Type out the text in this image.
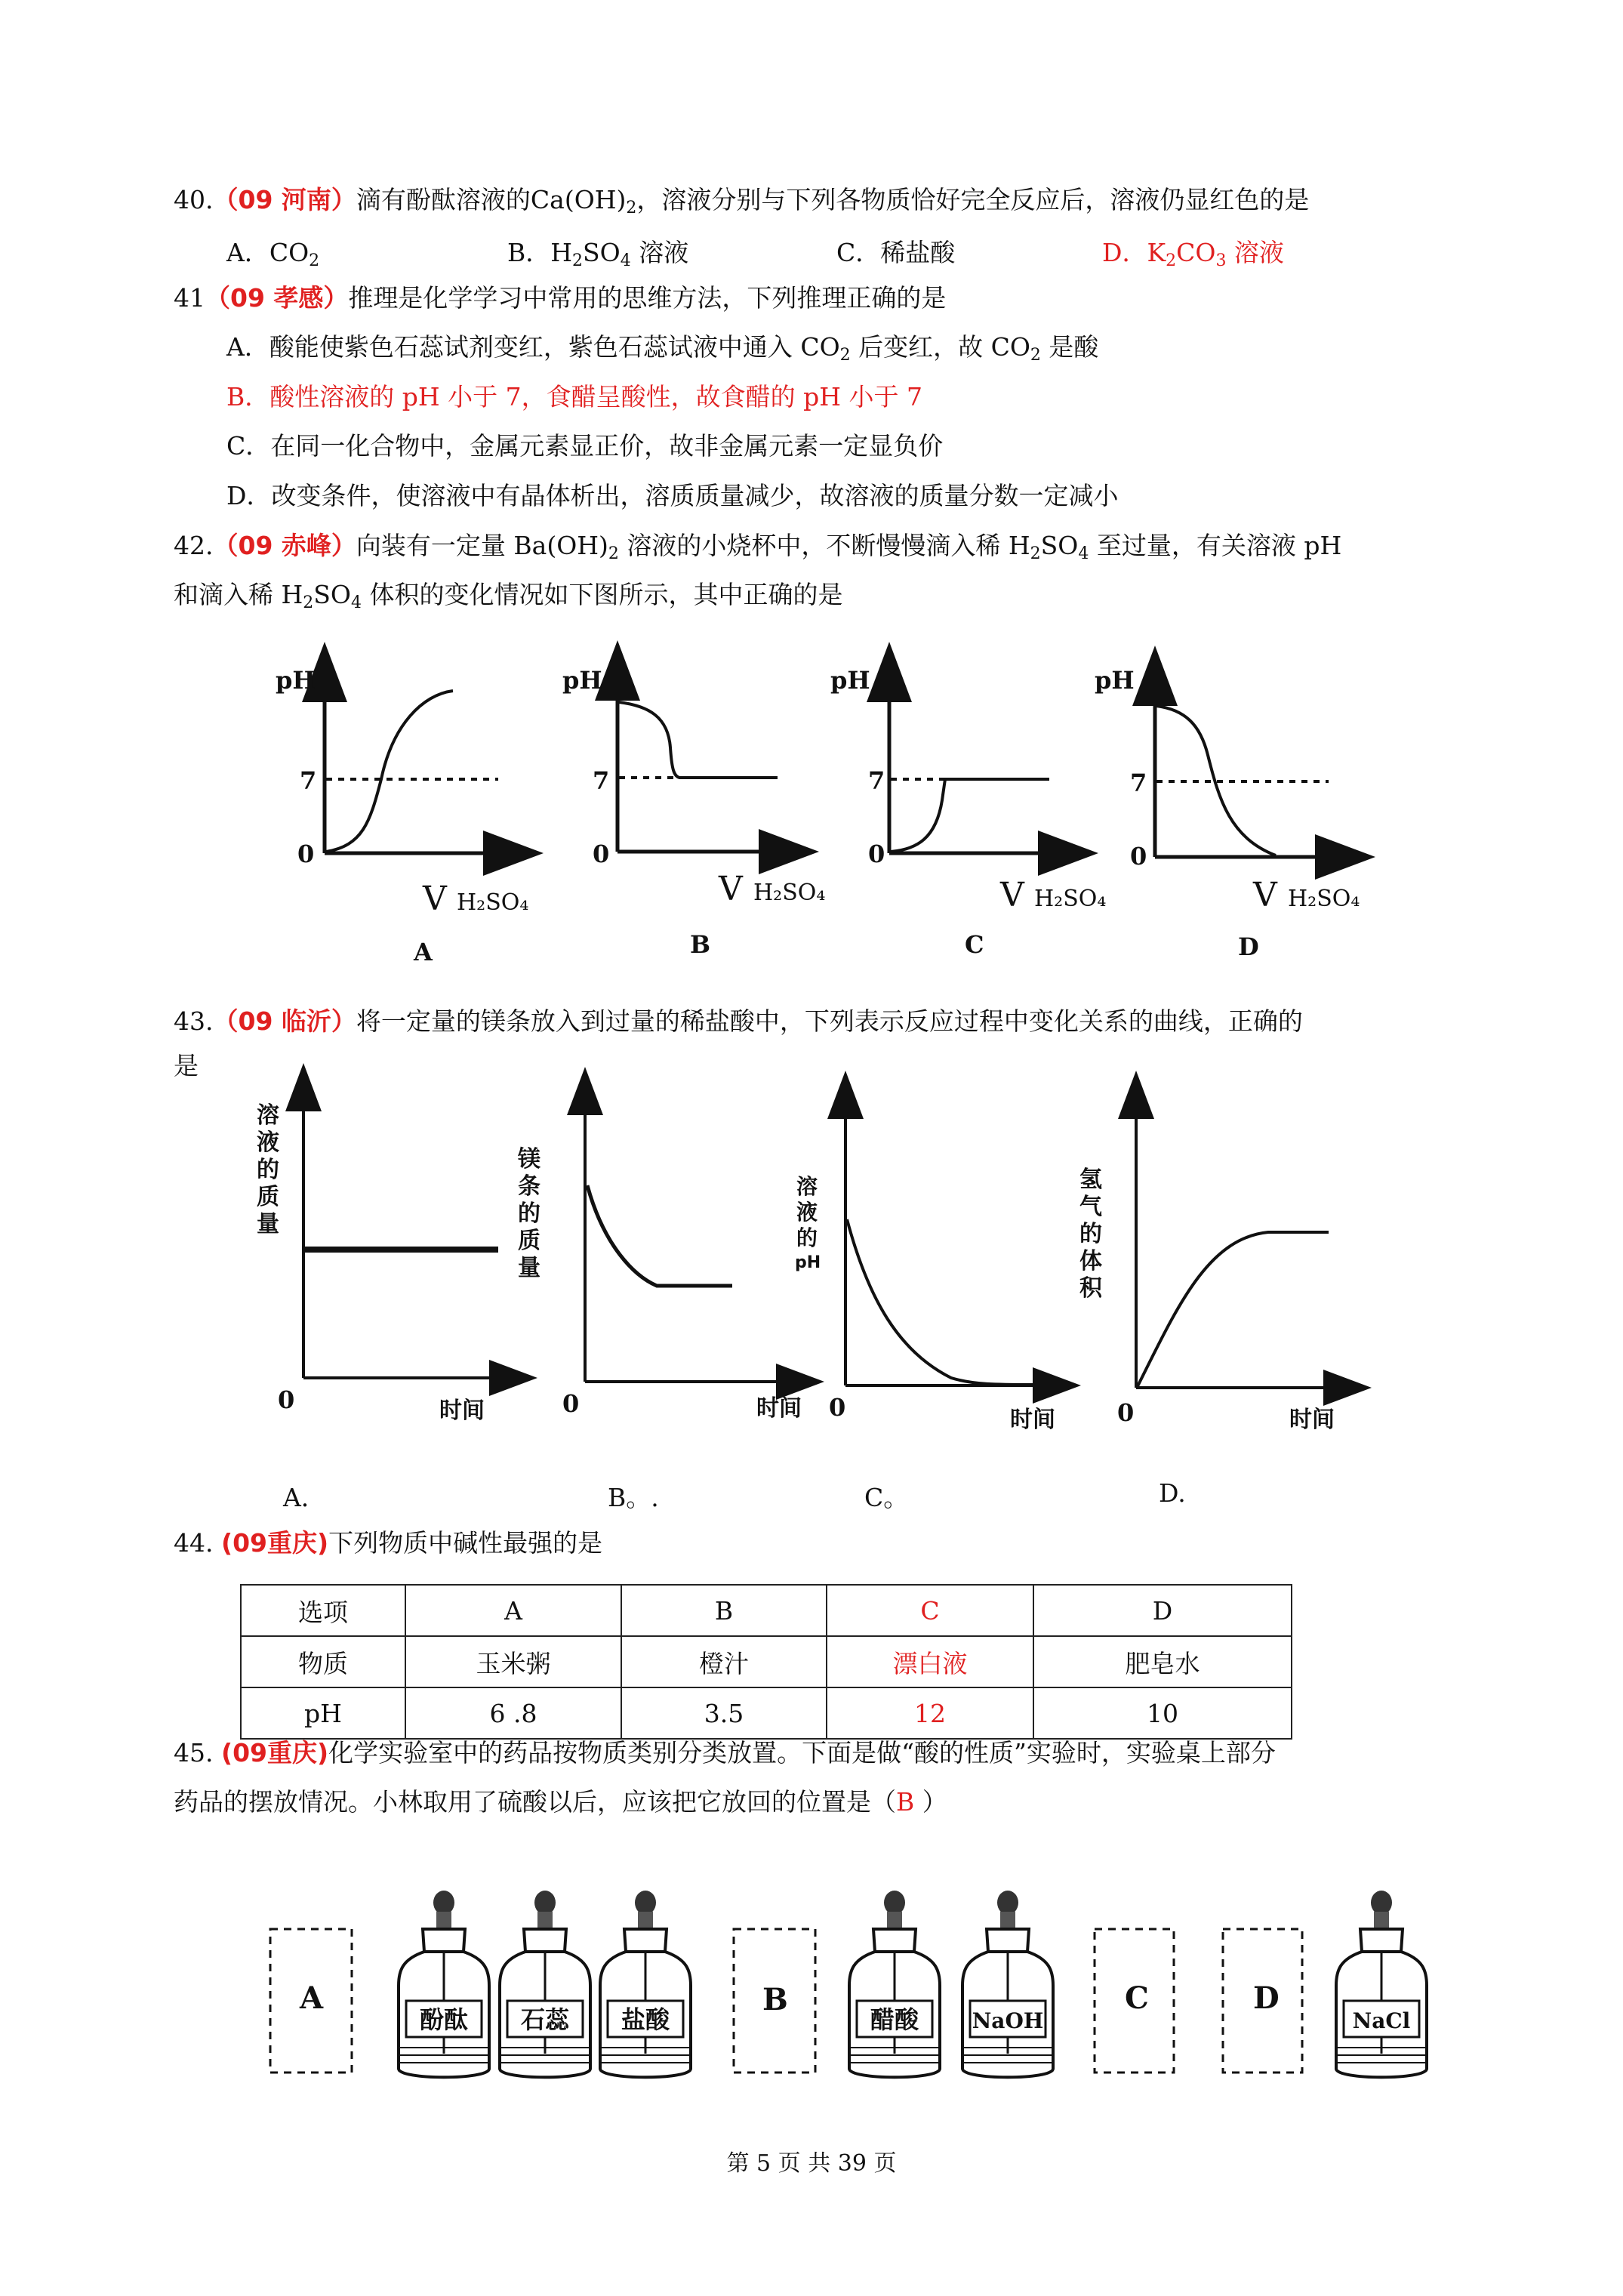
40.（09 河南）滴有酚酞溶液的$Ca(OH)_2$，溶液分别与下列各物质恰好完全反应后，溶液仍显红色的是
A．$CO_2$	B．$H_2SO_4$ 溶液	C．稀盐酸	D．$K_2CO_3$ 溶液
41（09 孝感）推理是化学学习中常用的思维方法，下列推理正确的是
A．酸能使紫色石蕊试剂变红，紫色石蕊试液中通入 $CO_2$ 后变红，故 $CO_2$ 是酸
B．酸性溶液的 pH 小于 7，食醋呈酸性，故食醋的 pH 小于 7
C．在同一化合物中，金属元素显正价，故非金属元素一定显负价
D．改变条件，使溶液中有晶体析出，溶质质量减少，故溶液的质量分数一定减小
42.（09 赤峰）向装有一定量 $Ba(OH)_2$ 溶液的小烧杯中，不断慢慢滴入稀 $H_2SO_4$ 至过量，有关溶液 pH
和滴入稀 $H_2SO_4$ 体积的变化情况如下图所示，其中正确的是
pH
7
0
V H₂SO₄
A
pH
7
0
V H₂SO₄
B
pH
7
0
V H₂SO₄
C
pH
7
0
V H₂SO₄
D
0	时间	0	时间 0	时间	0	时间
A	B	C	D
酚酞 石蕊 盐酸	醋酸	NaOH	NaCl
43.（09 临沂）将一定量的镁条放入到过量的稀盐酸中，下列表示反应过程中变化关系的曲线，正确的
是
溶液的质量
镁条的质量
溶液的
pH
氢气的体积
A．	B。.	C。	D.
44. (09重庆)下列物质中碱性最强的是
选项	A	B	C	D
物质	玉米粥	橙汁	漂白液	肥皂水
pH	6 .8	3.5	12	10
45. (09重庆)化学实验室中的药品按物质类别分类放置。下面是做“酸的性质”实验时，实验桌上部分
药品的摆放情况。小林取用了硫酸以后，应该把它放回的位置是（B ）
第 5 页 共 39 页
